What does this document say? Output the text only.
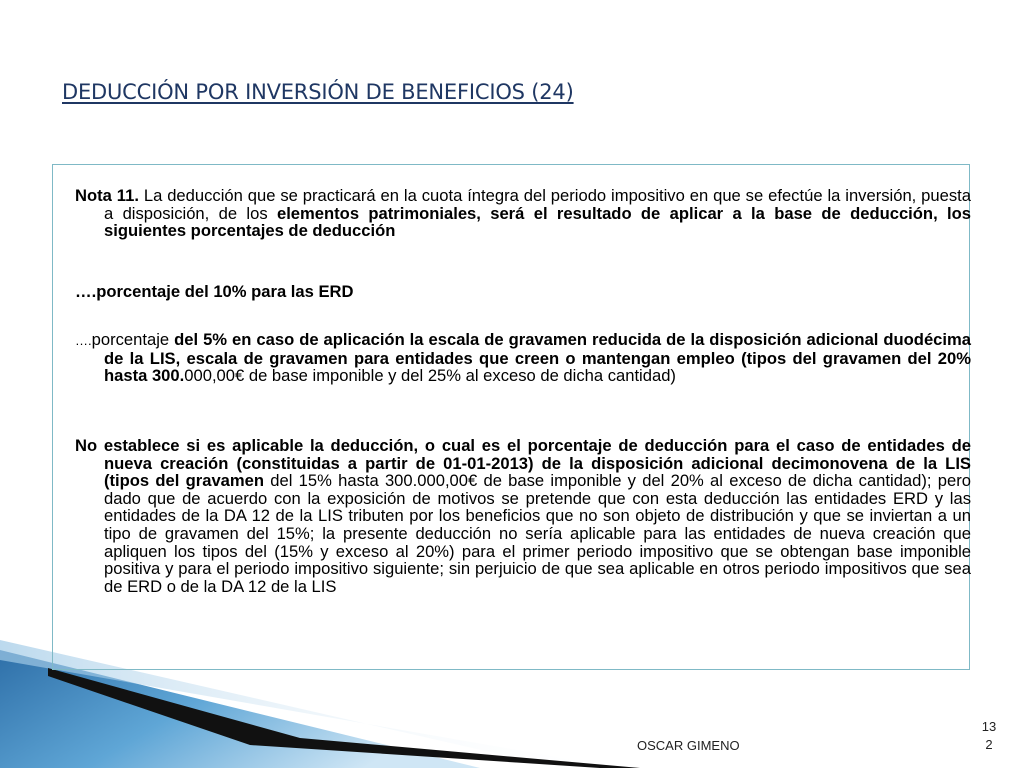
DEDUCCIÓN POR INVERSIÓN DE BENEFICIOS (24)
Nota 11. La deducción que se practicará en la cuota íntegra del periodo impositivo en que se efectúe la inversión, puesta a disposición, de los elementos patrimoniales, será el resultado de aplicar a la base de deducción, los siguientes porcentajes de deducción
….porcentaje del 10% para las ERD
….porcentaje del 5% en caso de aplicación la escala de gravamen reducida de la disposición adicional duodécima de la LIS, escala de gravamen para entidades que creen o mantengan empleo (tipos del gravamen del 20% hasta 300.000,00€ de base imponible y del 25% al exceso de dicha cantidad)
No establece si es aplicable la deducción, o cual es el porcentaje de deducción para el caso de entidades de nueva creación (constituidas a partir de 01-01-2013) de la disposición adicional decimonovena de la LIS (tipos del gravamen del 15% hasta 300.000,00€ de base imponible y del 20% al exceso de dicha cantidad); pero dado que de acuerdo con la exposición de motivos se pretende que con esta deducción las entidades ERD y las entidades de la DA 12 de la LIS tributen por los beneficios que no son objeto de distribución y que se inviertan a un tipo de gravamen del 15%; la presente deducción no sería aplicable para las entidades de nueva creación que apliquen los tipos del (15% y exceso al 20%) para el primer periodo impositivo que se obtengan base imponible positiva y para el periodo impositivo siguiente; sin perjuicio de que sea aplicable en otros periodo impositivos que sea de ERD o de la DA 12 de la LIS
OSCAR GIMENO
13
2
